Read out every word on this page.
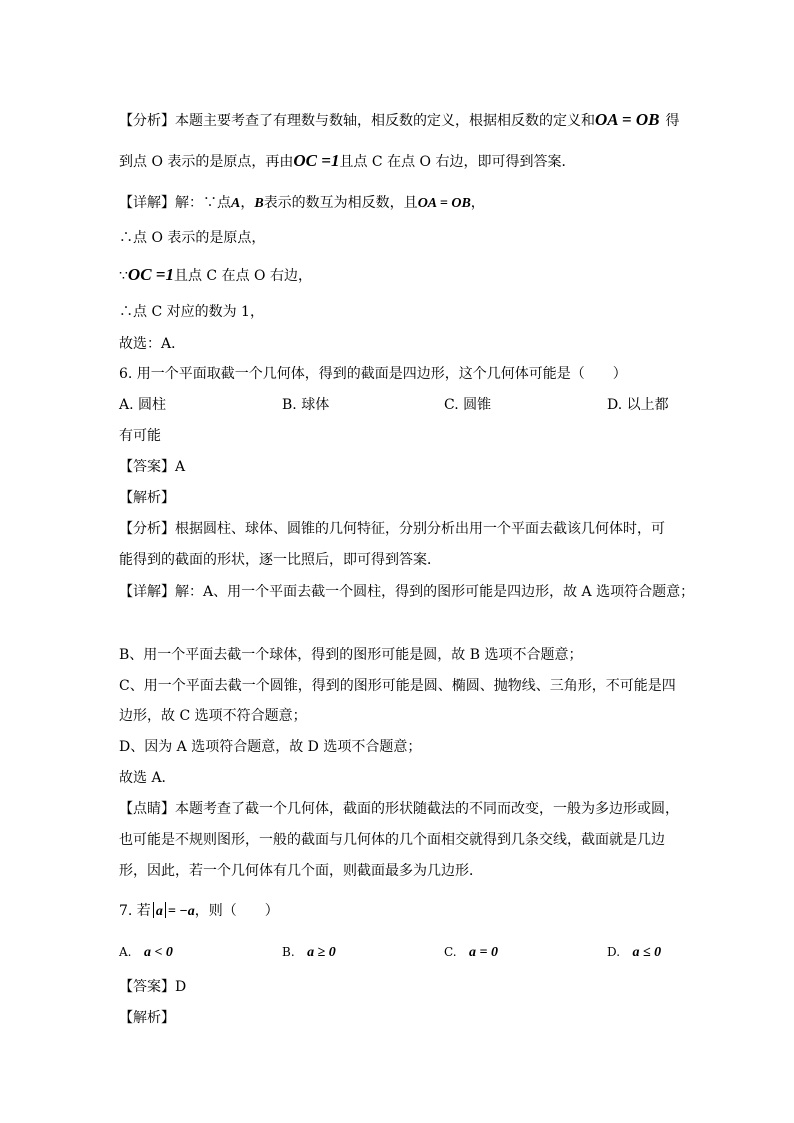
【分析】本题主要考查了有理数与数轴，相反数的定义，根据相反数的定义和OA = OB 得
到点 O 表示的是原点，再由OC =1且点 C 在点 O 右边，即可得到答案．
【详解】解：∵点A，B表示的数互为相反数，且OA = OB，
∴点 O 表示的是原点，
∵OC =1且点 C 在点 O 右边，
∴点 C 对应的数为 1，
故选：A．
6. 用一个平面取截一个几何体，得到的截面是四边形，这个几何体可能是（　　）
A. 圆柱	B. 球体	C. 圆锥	D. 以上都
有可能
【答案】A
【解析】
【分析】根据圆柱、球体、圆锥的几何特征，分别分析出用一个平面去截该几何体时，可
能得到的截面的形状，逐一比照后，即可得到答案．
【详解】解：A、用一个平面去截一个圆柱，得到的图形可能是四边形，故 A 选项符合题意；
B、用一个平面去截一个球体，得到的图形可能是圆，故 B 选项不合题意；
C、用一个平面去截一个圆锥，得到的图形可能是圆、椭圆、抛物线、三角形，不可能是四
边形，故 C 选项不符合题意；
D、因为 A 选项符合题意，故 D 选项不合题意；
故选 A．
【点睛】本题考查了截一个几何体，截面的形状随截法的不同而改变，一般为多边形或圆，
也可能是不规则图形，一般的截面与几何体的几个面相交就得到几条交线，截面就是几边
形，因此，若一个几何体有几个面，则截面最多为几边形．
7. 若 a = −a，则（　　）
A. a < 0	B. a ≥ 0	C. a = 0	D. a ≤ 0
【答案】D
【解析】
